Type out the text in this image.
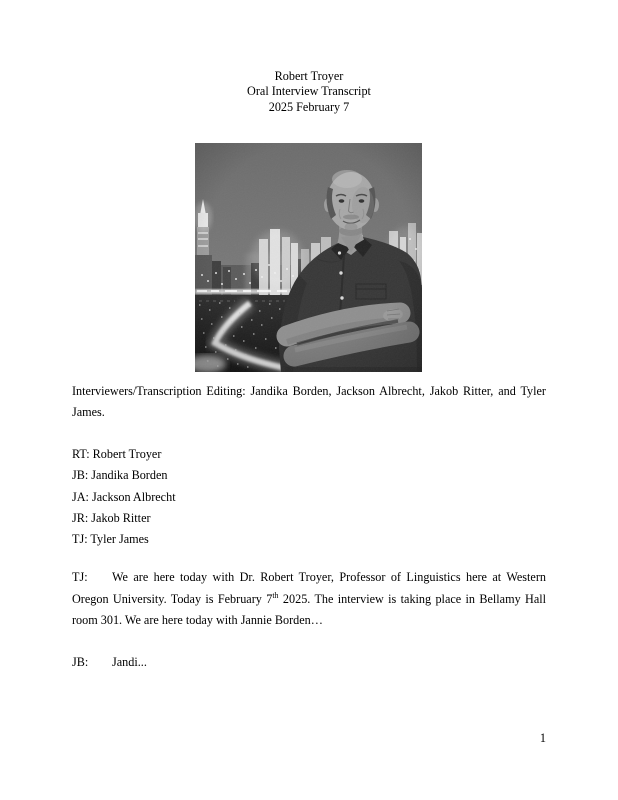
Robert Troyer
Oral Interview Transcript
2025 February 7

Interviewers/Transcription Editing: Jandika Borden, Jackson Albrecht, Jakob Ritter, and Tyler James.

RT: Robert Troyer
JB: Jandika Borden
JA: Jackson Albrecht
JR: Jakob Ritter
TJ: Tyler James

TJ: We are here today with Dr. Robert Troyer, Professor of Linguistics here at Western Oregon University. Today is February 7th 2025. The interview is taking place in Bellamy Hall room 301. We are here today with Jannie Borden…

JB: Jandi...

1
